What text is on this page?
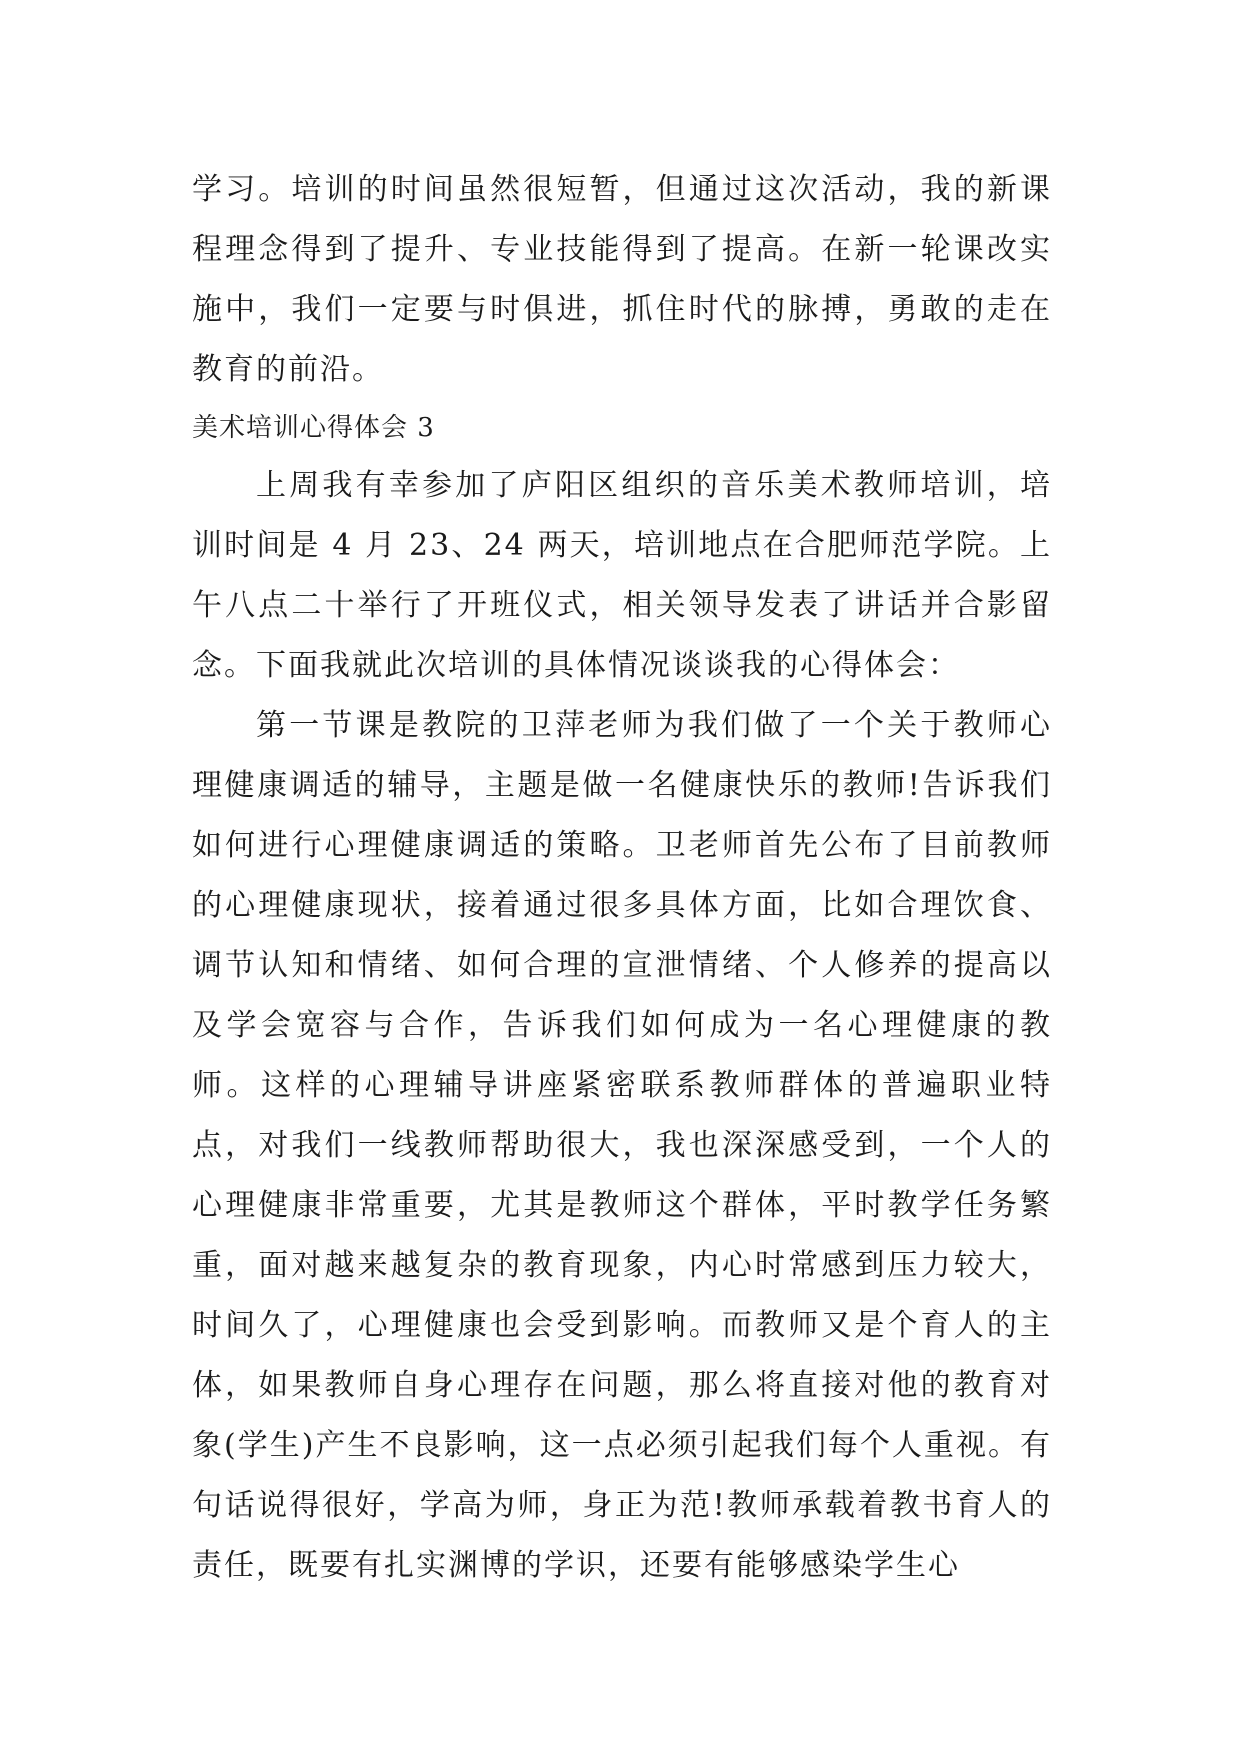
学习。培训的时间虽然很短暂，但通过这次活动，我的新课程理念得到了提升、专业技能得到了提高。在新一轮课改实施中，我们一定要与时俱进，抓住时代的脉搏，勇敢的走在教育的前沿。

美术培训心得体会 3

上周我有幸参加了庐阳区组织的音乐美术教师培训，培训时间是 4 月 23、24 两天，培训地点在合肥师范学院。上午八点二十举行了开班仪式，相关领导发表了讲话并合影留念。下面我就此次培训的具体情况谈谈我的心得体会：

第一节课是教院的卫萍老师为我们做了一个关于教师心理健康调适的辅导，主题是做一名健康快乐的教师!告诉我们如何进行心理健康调适的策略。卫老师首先公布了目前教师的心理健康现状，接着通过很多具体方面，比如合理饮食、调节认知和情绪、如何合理的宣泄情绪、个人修养的提高以及学会宽容与合作，告诉我们如何成为一名心理健康的教师。这样的心理辅导讲座紧密联系教师群体的普遍职业特点，对我们一线教师帮助很大，我也深深感受到，一个人的心理健康非常重要，尤其是教师这个群体，平时教学任务繁重，面对越来越复杂的教育现象，内心时常感到压力较大，时间久了，心理健康也会受到影响。而教师又是个育人的主体，如果教师自身心理存在问题，那么将直接对他的教育对象(学生)产生不良影响，这一点必须引起我们每个人重视。有句话说得很好，学高为师，身正为范!教师承载着教书育人的责任，既要有扎实渊博的学识，还要有能够感染学生心
